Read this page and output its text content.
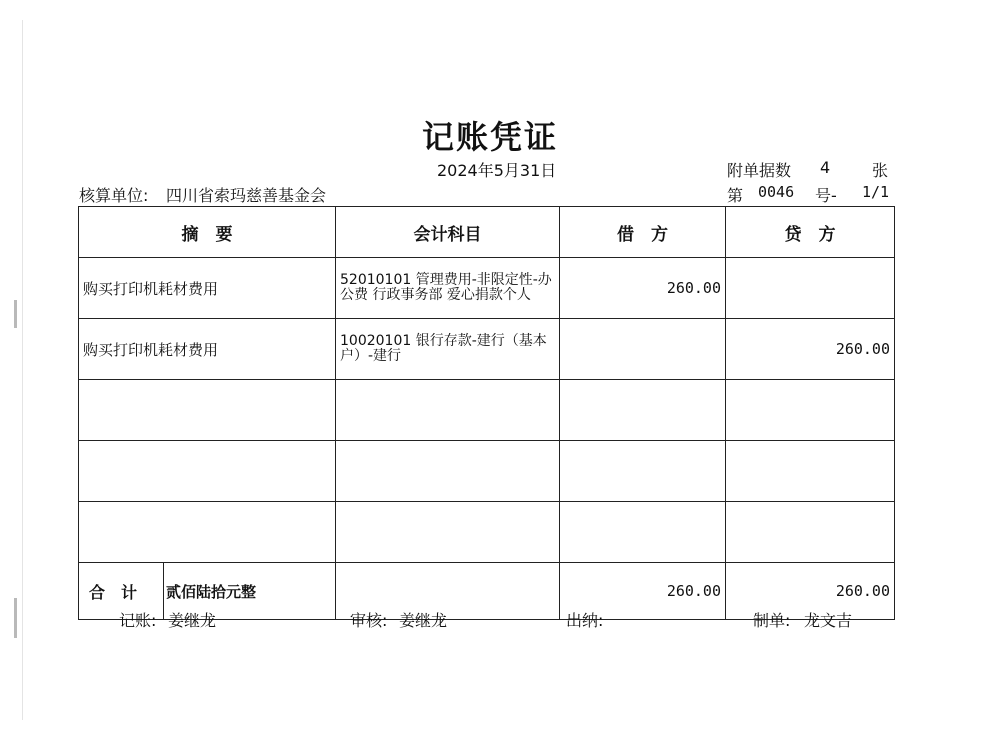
记账凭证
2024年5月31日	附单据数 4	张
核算单位: 四川省索玛慈善基金会	第 0046 号- 1/1
摘　要	会计科目	借　方	贷　方
购买打印机耗材费用	52010101 管理费用-非限定性-办公费 行政事务部 爱心捐款个人	260.00	
购买打印机耗材费用	10020101 银行存款-建行（基本户）-建行		260.00

合计 贰佰陆拾元整		260.00	260.00
记账: 姜继龙	审核: 姜继龙	出纳:	制单: 龙文吉
